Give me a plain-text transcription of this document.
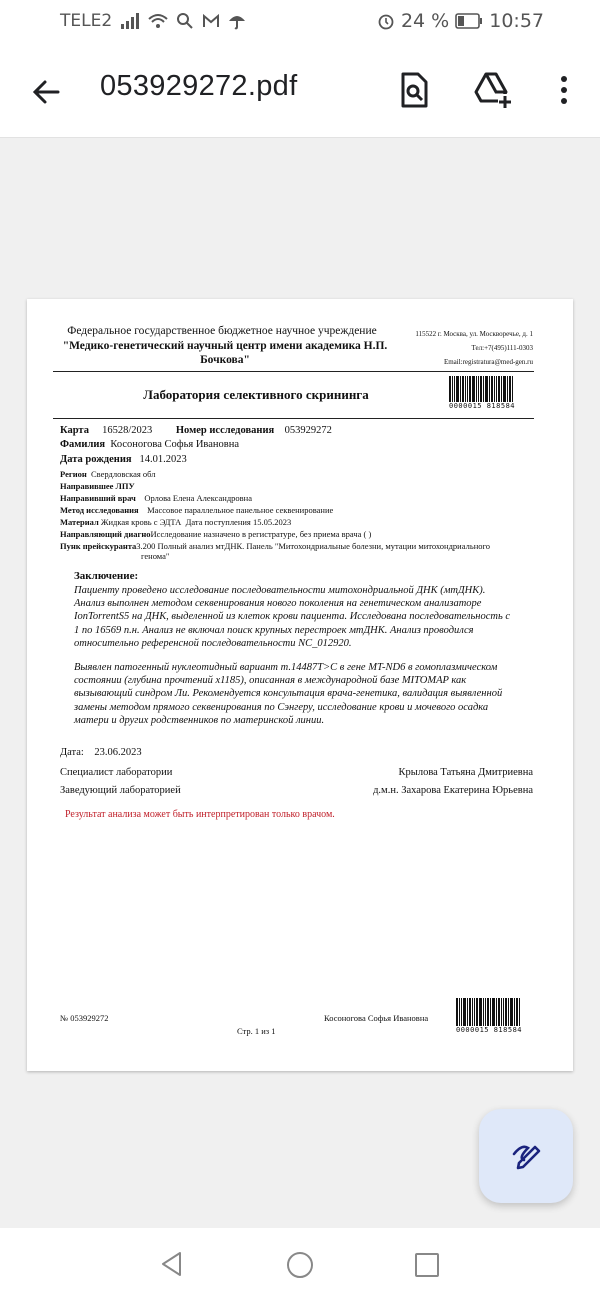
TELE2	24 % 10:57
053929272.pdf
Федеральное государственное бюджетное научное учреждение
"Медико-генетический научный центр имени академика Н.П. Бочкова"
115522 г. Москва, ул. Москворечье, д. 1
Тел:+7(495)111-0303
Email:registratura@med-gen.ru
Лаборатория селективного скрининга
0000015 818584
Карта 16528/2023 Номер исследования 053929272
Фамилия Косоногова Софья Ивановна
Дата рождения 14.01.2023
Регион Свердловская обл
Направившее ЛПУ
Направивший врач Орлова Елена Александровна
Метод исследования Массовое параллельное панельное секвенирование
Материал Жидкая кровь с ЭДТА Дата поступления 15.05.2023
Направляющий диагноИсследование назначено в регистратуре, без приема врача ( )
Пунк прейскуранта3.200 Полный анализ мтДНК. Панель "Митохондриальные болезни, мутации митохондриального
генома"
Заключение:
Пациенту проведено исследование последовательности митохондриальной ДНК (мтДНК).
Анализ выполнен методом секвенирования нового поколения на генетическом анализаторе
IonTorrentS5 на ДНК, выделенной из клеток крови пациента. Исследована последовательность с
1 по 16569 п.н. Анализ не включал поиск крупных перестроек мтДНК. Анализ проводился
относительно референсной последовательности NC_012920.
Выявлен патогенный нуклеотидный вариант т.14487T>C в гене MT-ND6 в гомоплазмическом
состоянии (глубина прочтений x1185), описанная в международной базе MITOMAP как
вызывающий синдром Ли. Рекомендуется консультация врача-генетика, валидация выявленной
замены методом прямого секвенирования по Сэнгеру, исследование крови и мочевого осадка
матери и других родственников по материнской линии.
Дата: 23.06.2023
Специалист лаборатории	Крылова Татьяна Дмитриевна
Заведующий лабораторией	д.м.н. Захарова Екатерина Юрьевна
Результат анализа может быть интерпретирован только врачом.
№ 053929272	Косоногова Софья Ивановна
Стр. 1 из 1	0000015 818584
